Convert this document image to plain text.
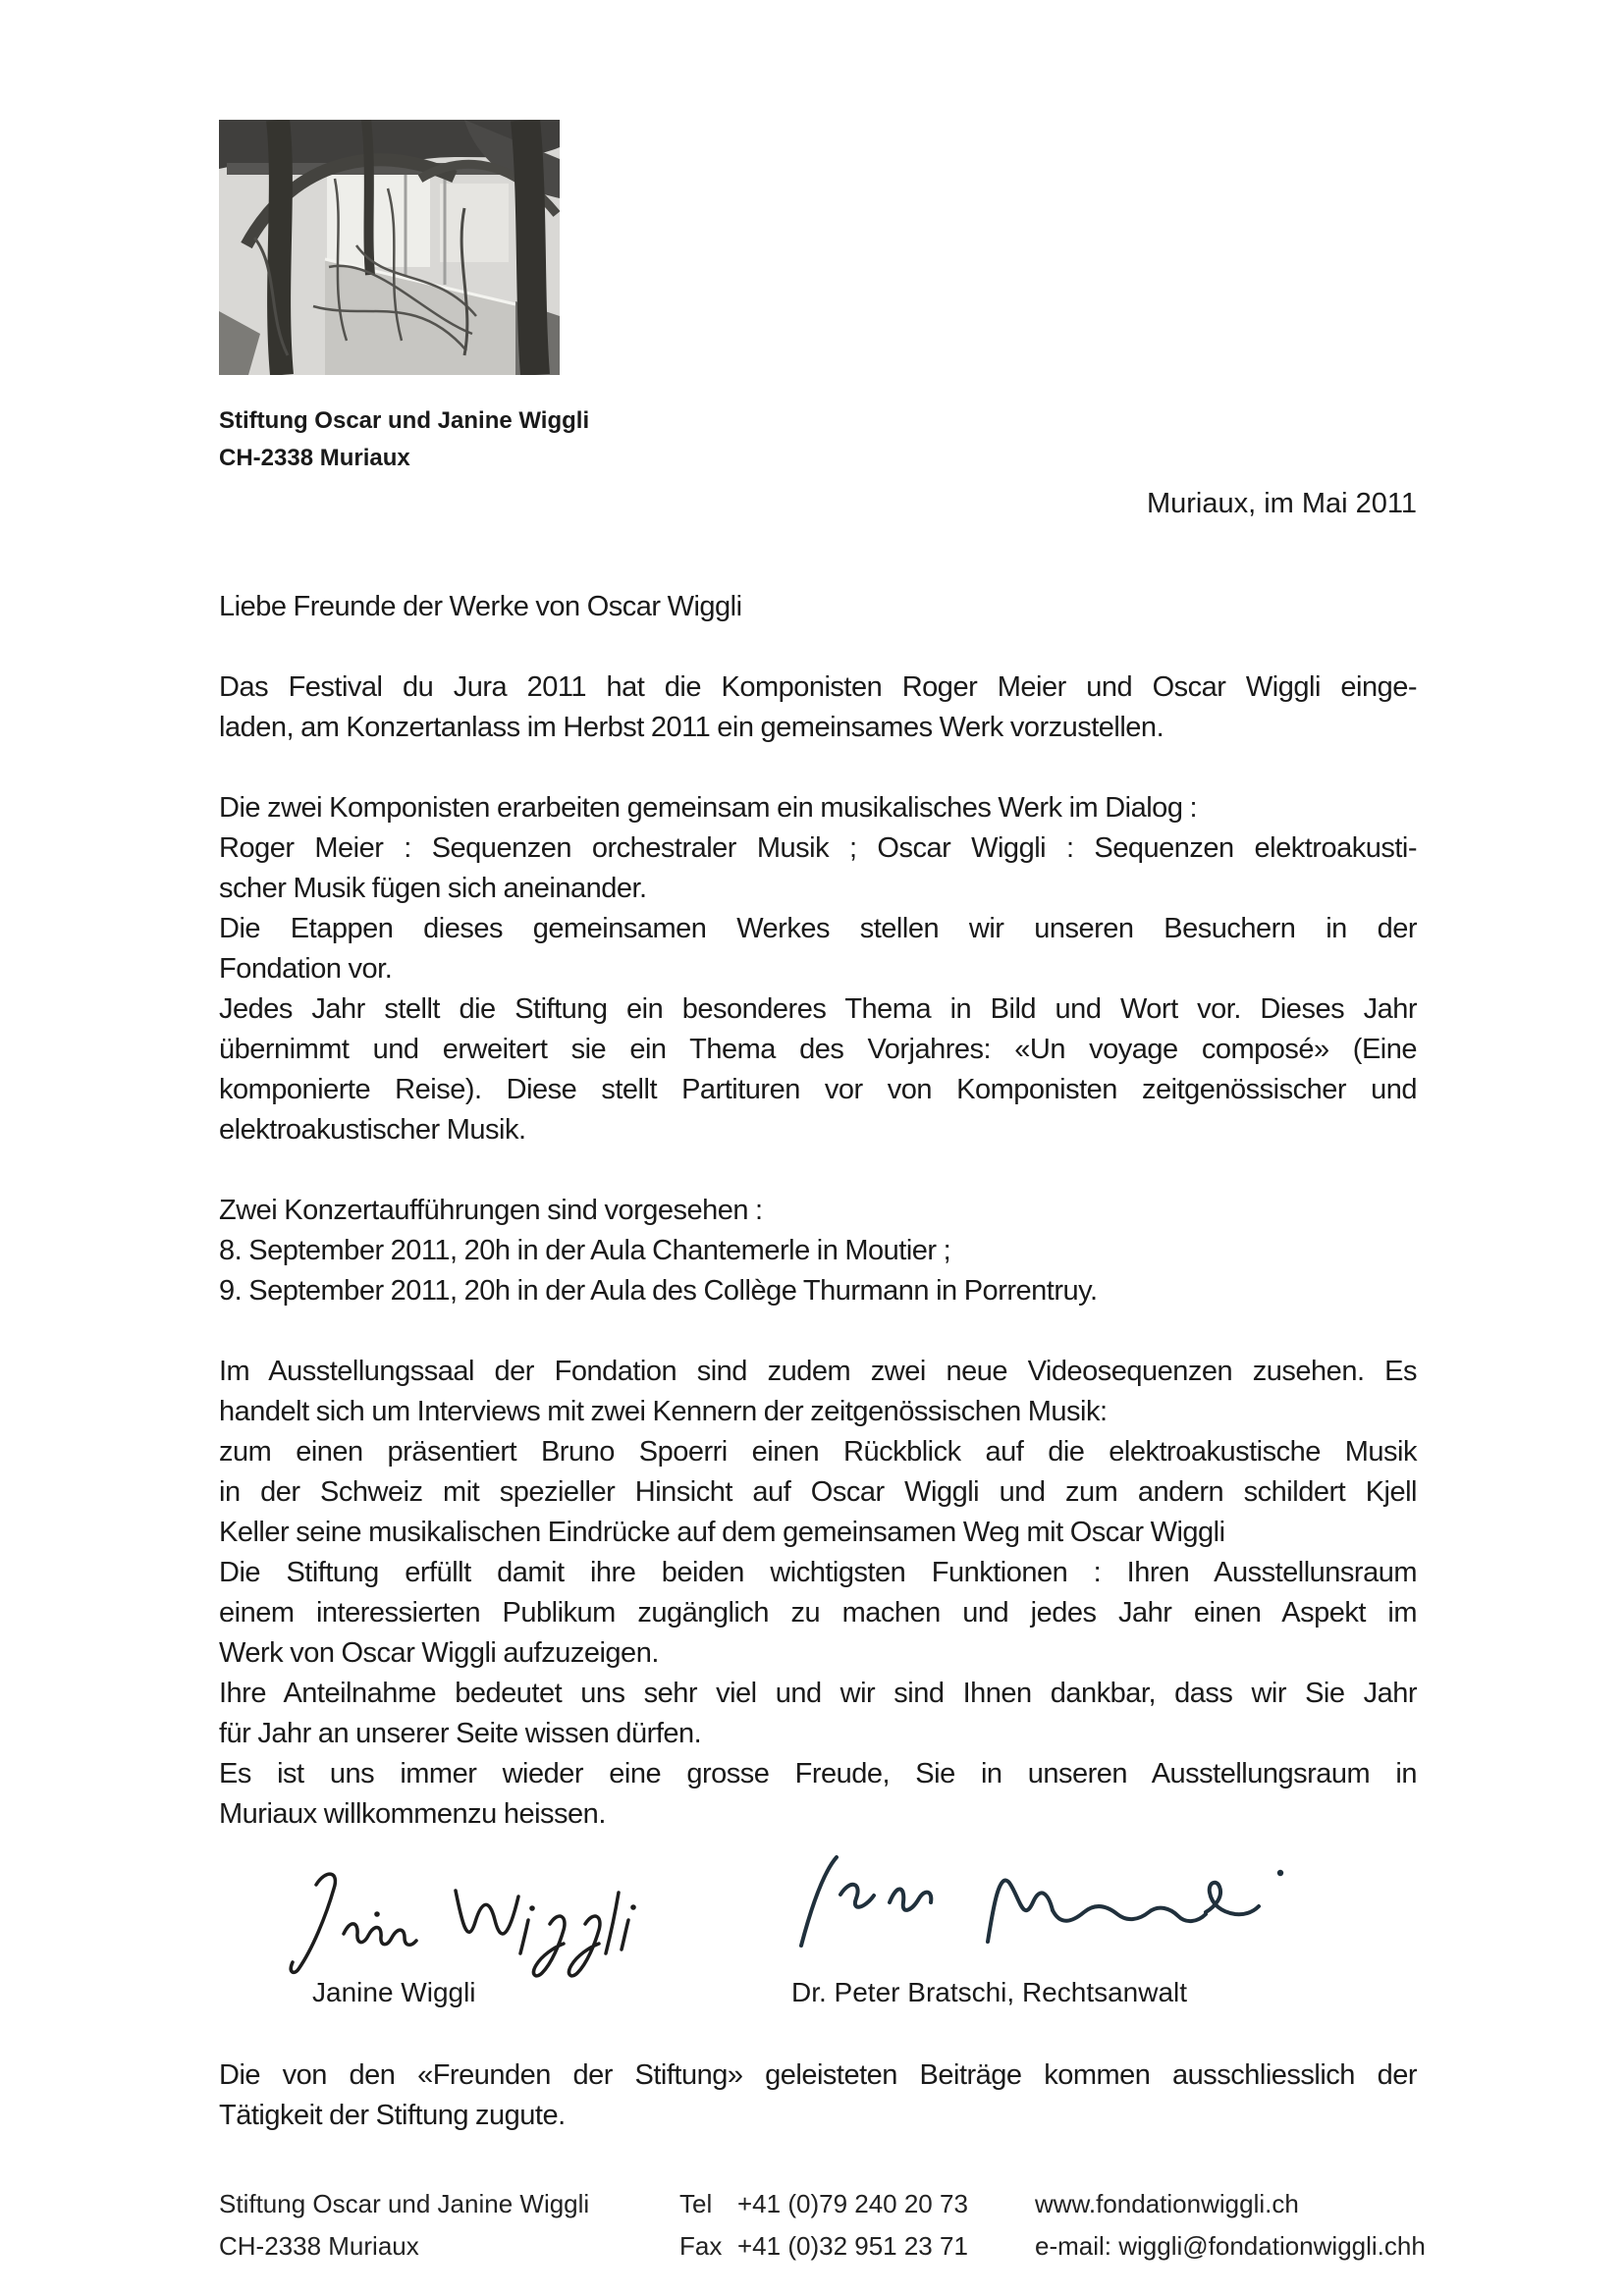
Stiftung Oscar und Janine Wiggli
CH-2338 Muriaux
Muriaux, im Mai 2011
Liebe Freunde der Werke von Oscar Wiggli
Das Festival du Jura 2011 hat die Komponisten Roger Meier und Oscar Wiggli einge-
laden, am Konzertanlass im Herbst 2011 ein gemeinsames Werk vorzustellen.
Die zwei Komponisten erarbeiten gemeinsam ein musikalisches Werk im Dialog :
Roger Meier : Sequenzen orchestraler Musik ; Oscar Wiggli : Sequenzen elektroakusti-
scher Musik fügen sich aneinander.
Die Etappen dieses gemeinsamen Werkes stellen wir unseren Besuchern in der
Fondation vor.
Jedes Jahr stellt die Stiftung ein besonderes Thema in Bild und Wort vor. Dieses Jahr
übernimmt und erweitert sie ein Thema des Vorjahres: «Un voyage composé» (Eine
komponierte Reise). Diese stellt Partituren vor von Komponisten zeitgenössischer und
elektroakustischer Musik.
Zwei Konzertaufführungen sind vorgesehen :
8. September 2011, 20h in der Aula Chantemerle in Moutier ;
9. September 2011, 20h in der Aula des Collège Thurmann in Porrentruy.
Im Ausstellungssaal der Fondation sind zudem zwei neue Videosequenzen zusehen. Es
handelt sich um Interviews mit zwei Kennern der zeitgenössischen Musik:
zum einen präsentiert Bruno Spoerri einen Rückblick auf die elektroakustische Musik
in der Schweiz mit spezieller Hinsicht auf Oscar Wiggli und zum andern schildert Kjell
Keller seine musikalischen Eindrücke auf dem gemeinsamen Weg mit Oscar Wiggli
Die Stiftung erfüllt damit ihre beiden wichtigsten Funktionen : Ihren Ausstellunsraum
einem interessierten Publikum zugänglich zu machen und jedes Jahr einen Aspekt im
Werk von Oscar Wiggli aufzuzeigen.
Ihre Anteilnahme bedeutet uns sehr viel und wir sind Ihnen dankbar, dass wir Sie Jahr
für Jahr an unserer Seite wissen dürfen.
Es ist uns immer wieder eine grosse Freude, Sie in unseren Ausstellungsraum in
Muriaux willkommenzu heissen.
Janine Wiggli	Dr. Peter Bratschi, Rechtsanwalt
Die von den «Freunden der Stiftung» geleisteten Beiträge kommen ausschliesslich der
Tätigkeit der Stiftung zugute.
Stiftung Oscar und Janine Wiggli
CH-2338 Muriaux
Tel +41 (0)79 240 20 73
Fax +41 (0)32 951 23 71
www.fondationwiggli.ch
e-mail: wiggli@fondationwiggli.chh
